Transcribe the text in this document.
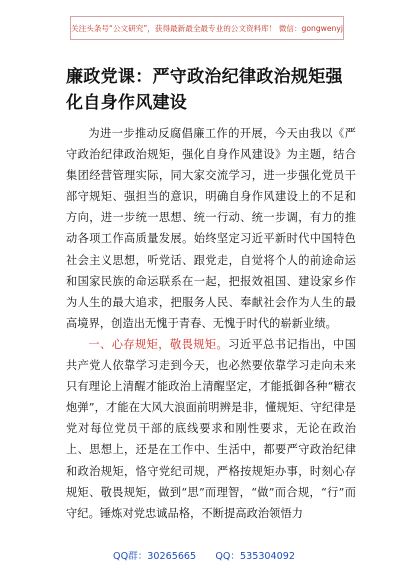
关注头条号“公文研究”，获得最新最全最专业的公文资料库！ 微信：gongwenyj
廉政党课：严守政治纪律政治规矩强化自身作风建设

为进一步推动反腐倡廉工作的开展，今天由我以《严守政治纪律政治规矩，强化自身作风建设》为主题，结合集团经营管理实际，同大家交流学习，进一步强化党员干部守规矩、强担当的意识，明确自身作风建设上的不足和方向，进一步统一思想、统一行动、统一步调，有力的推动各项工作高质量发展。始终坚定习近平新时代中国特色社会主义思想，听党话、跟党走，自觉将个人的前途命运和国家民族的命运联系在一起，把报效祖国、建设家乡作为人生的最大追求，把服务人民、奉献社会作为人生的最高境界，创造出无愧于青春、无愧于时代的崭新业绩。

一、心存规矩，敬畏规矩。习近平总书记指出，中国共产党人依靠学习走到今天，也必然要依靠学习走向未来只有理论上清醒才能政治上清醒坚定，才能抵御各种“糖衣炮弹”，才能在大风大浪面前明辨是非，懂规矩、守纪律是党对每位党员干部的底线要求和刚性要求，无论在政治上、思想上，还是在工作中、生活中，都要严守政治纪律和政治规矩，恪守党纪司规，严格按规矩办事，时刻心存规矩、敬畏规矩，做到“思”而理智，“做”而合规，“行”而守纪。锤炼对党忠诚品格，不断提高政治领悟力

QQ群：30265665　　QQ：535304092
